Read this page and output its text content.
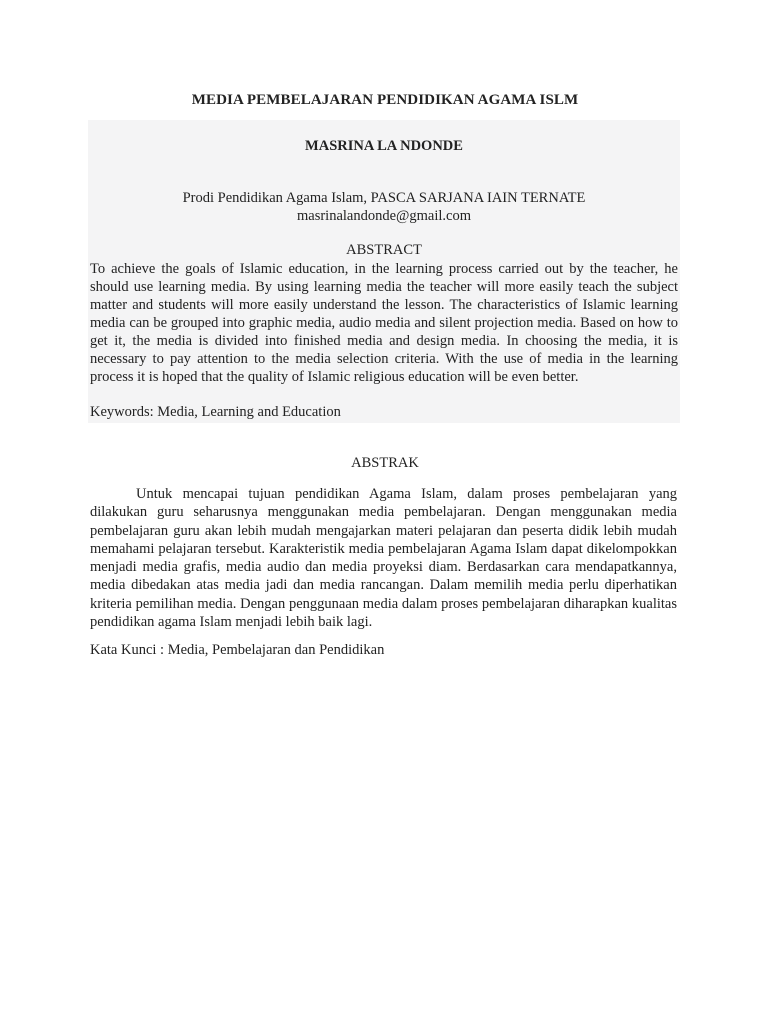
MEDIA PEMBELAJARAN PENDIDIKAN AGAMA ISLM
MASRINA LA NDONDE
Prodi Pendidikan Agama Islam, PASCA SARJANA IAIN TERNATE
masrinalandonde@gmail.com
ABSTRACT

To achieve the goals of Islamic education, in the learning process carried out by the teacher, he should use learning media. By using learning media the teacher will more easily teach the subject matter and students will more easily understand the lesson. The characteristics of Islamic learning media can be grouped into graphic media, audio media and silent projection media. Based on how to get it, the media is divided into finished media and design media. In choosing the media, it is necessary to pay attention to the media selection criteria. With the use of media in the learning process it is hoped that the quality of Islamic religious education will be even better.

Keywords: Media, Learning and Education
ABSTRAK

Untuk mencapai tujuan pendidikan Agama Islam, dalam proses pembelajaran yang dilakukan guru seharusnya menggunakan media pembelajaran. Dengan menggunakan media pembelajaran guru akan lebih mudah mengajarkan materi pelajaran dan peserta didik lebih mudah memahami pelajaran tersebut. Karakteristik media pembelajaran Agama Islam dapat dikelompokkan menjadi media grafis, media audio dan media proyeksi diam. Berdasarkan cara mendapatkannya, media dibedakan atas media jadi dan media rancangan. Dalam memilih media perlu diperhatikan kriteria pemilihan media. Dengan penggunaan media dalam proses pembelajaran diharapkan kualitas pendidikan agama Islam menjadi lebih baik lagi.

Kata Kunci : Media, Pembelajaran dan Pendidikan
